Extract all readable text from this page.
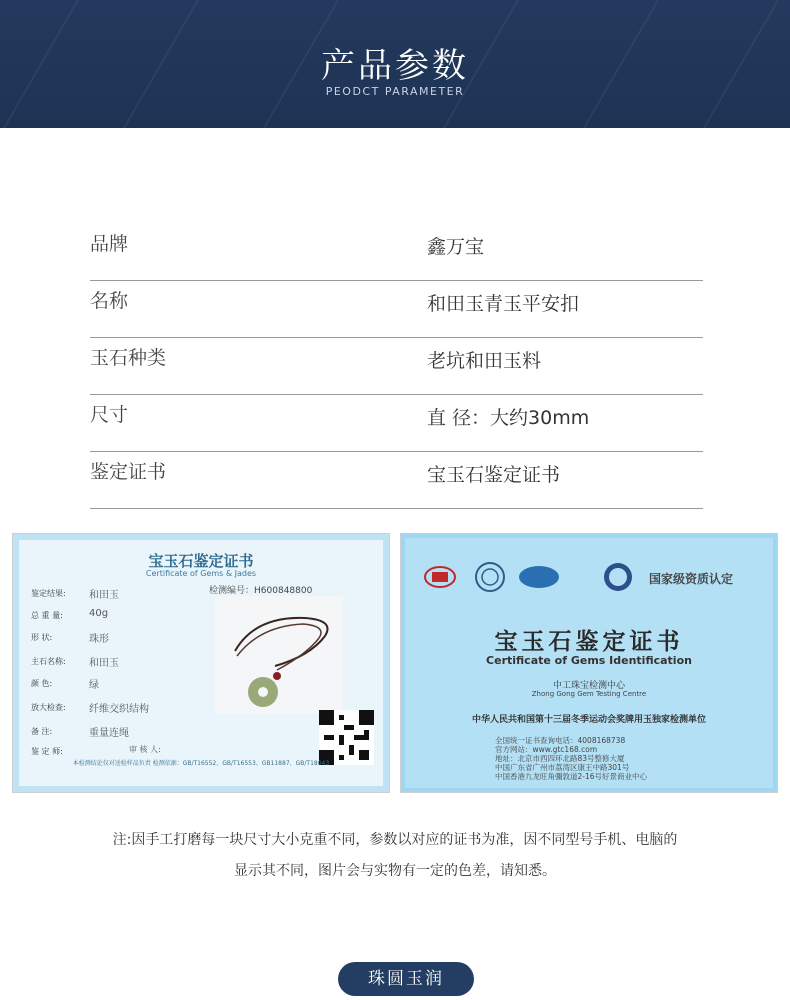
产品参数
PEODCT PARAMETER
品牌	鑫万宝
名称	和田玉青玉平安扣
玉石种类	老坑和田玉料
尺寸	直 径：大约30mm
鉴定证书	宝玉石鉴定证书
宝玉石鉴定证书
Certificate of Gems & Jades
检测编号：H600848800
鉴定结果: 和田玉
总 重 量:	40g
形 状:	珠形
主石名称: 和田玉
颜 色:	绿
放大检查: 纤维交织结构
备 注:	重量连绳
鉴 定 师:	审 核 人:
本检测结论仅对送检样品负责 检测依据：GB/T16552、GB/T16553、GB11887、GB/T18043
国家级资质认定
宝玉石鉴定证书
Certificate of Gems Identification
中工珠宝检测中心
Zhong Gong Gem Testing Centre
中华人民共和国第十三届冬季运动会奖牌用玉独家检测单位
全国统一证书查询电话：4008168738
官方网站：www.gtc168.com
地址：北京市西四环北路83号整修大厦
中国广东省广州市荔湾区康王中路301号
中国香港九龙旺角彌敦道2-16号好景商业中心
注:因手工打磨每一块尺寸大小克重不同，参数以对应的证书为准，因不同型号手机、电脑的
显示其不同，图片会与实物有一定的色差，请知悉。
珠圆玉润
